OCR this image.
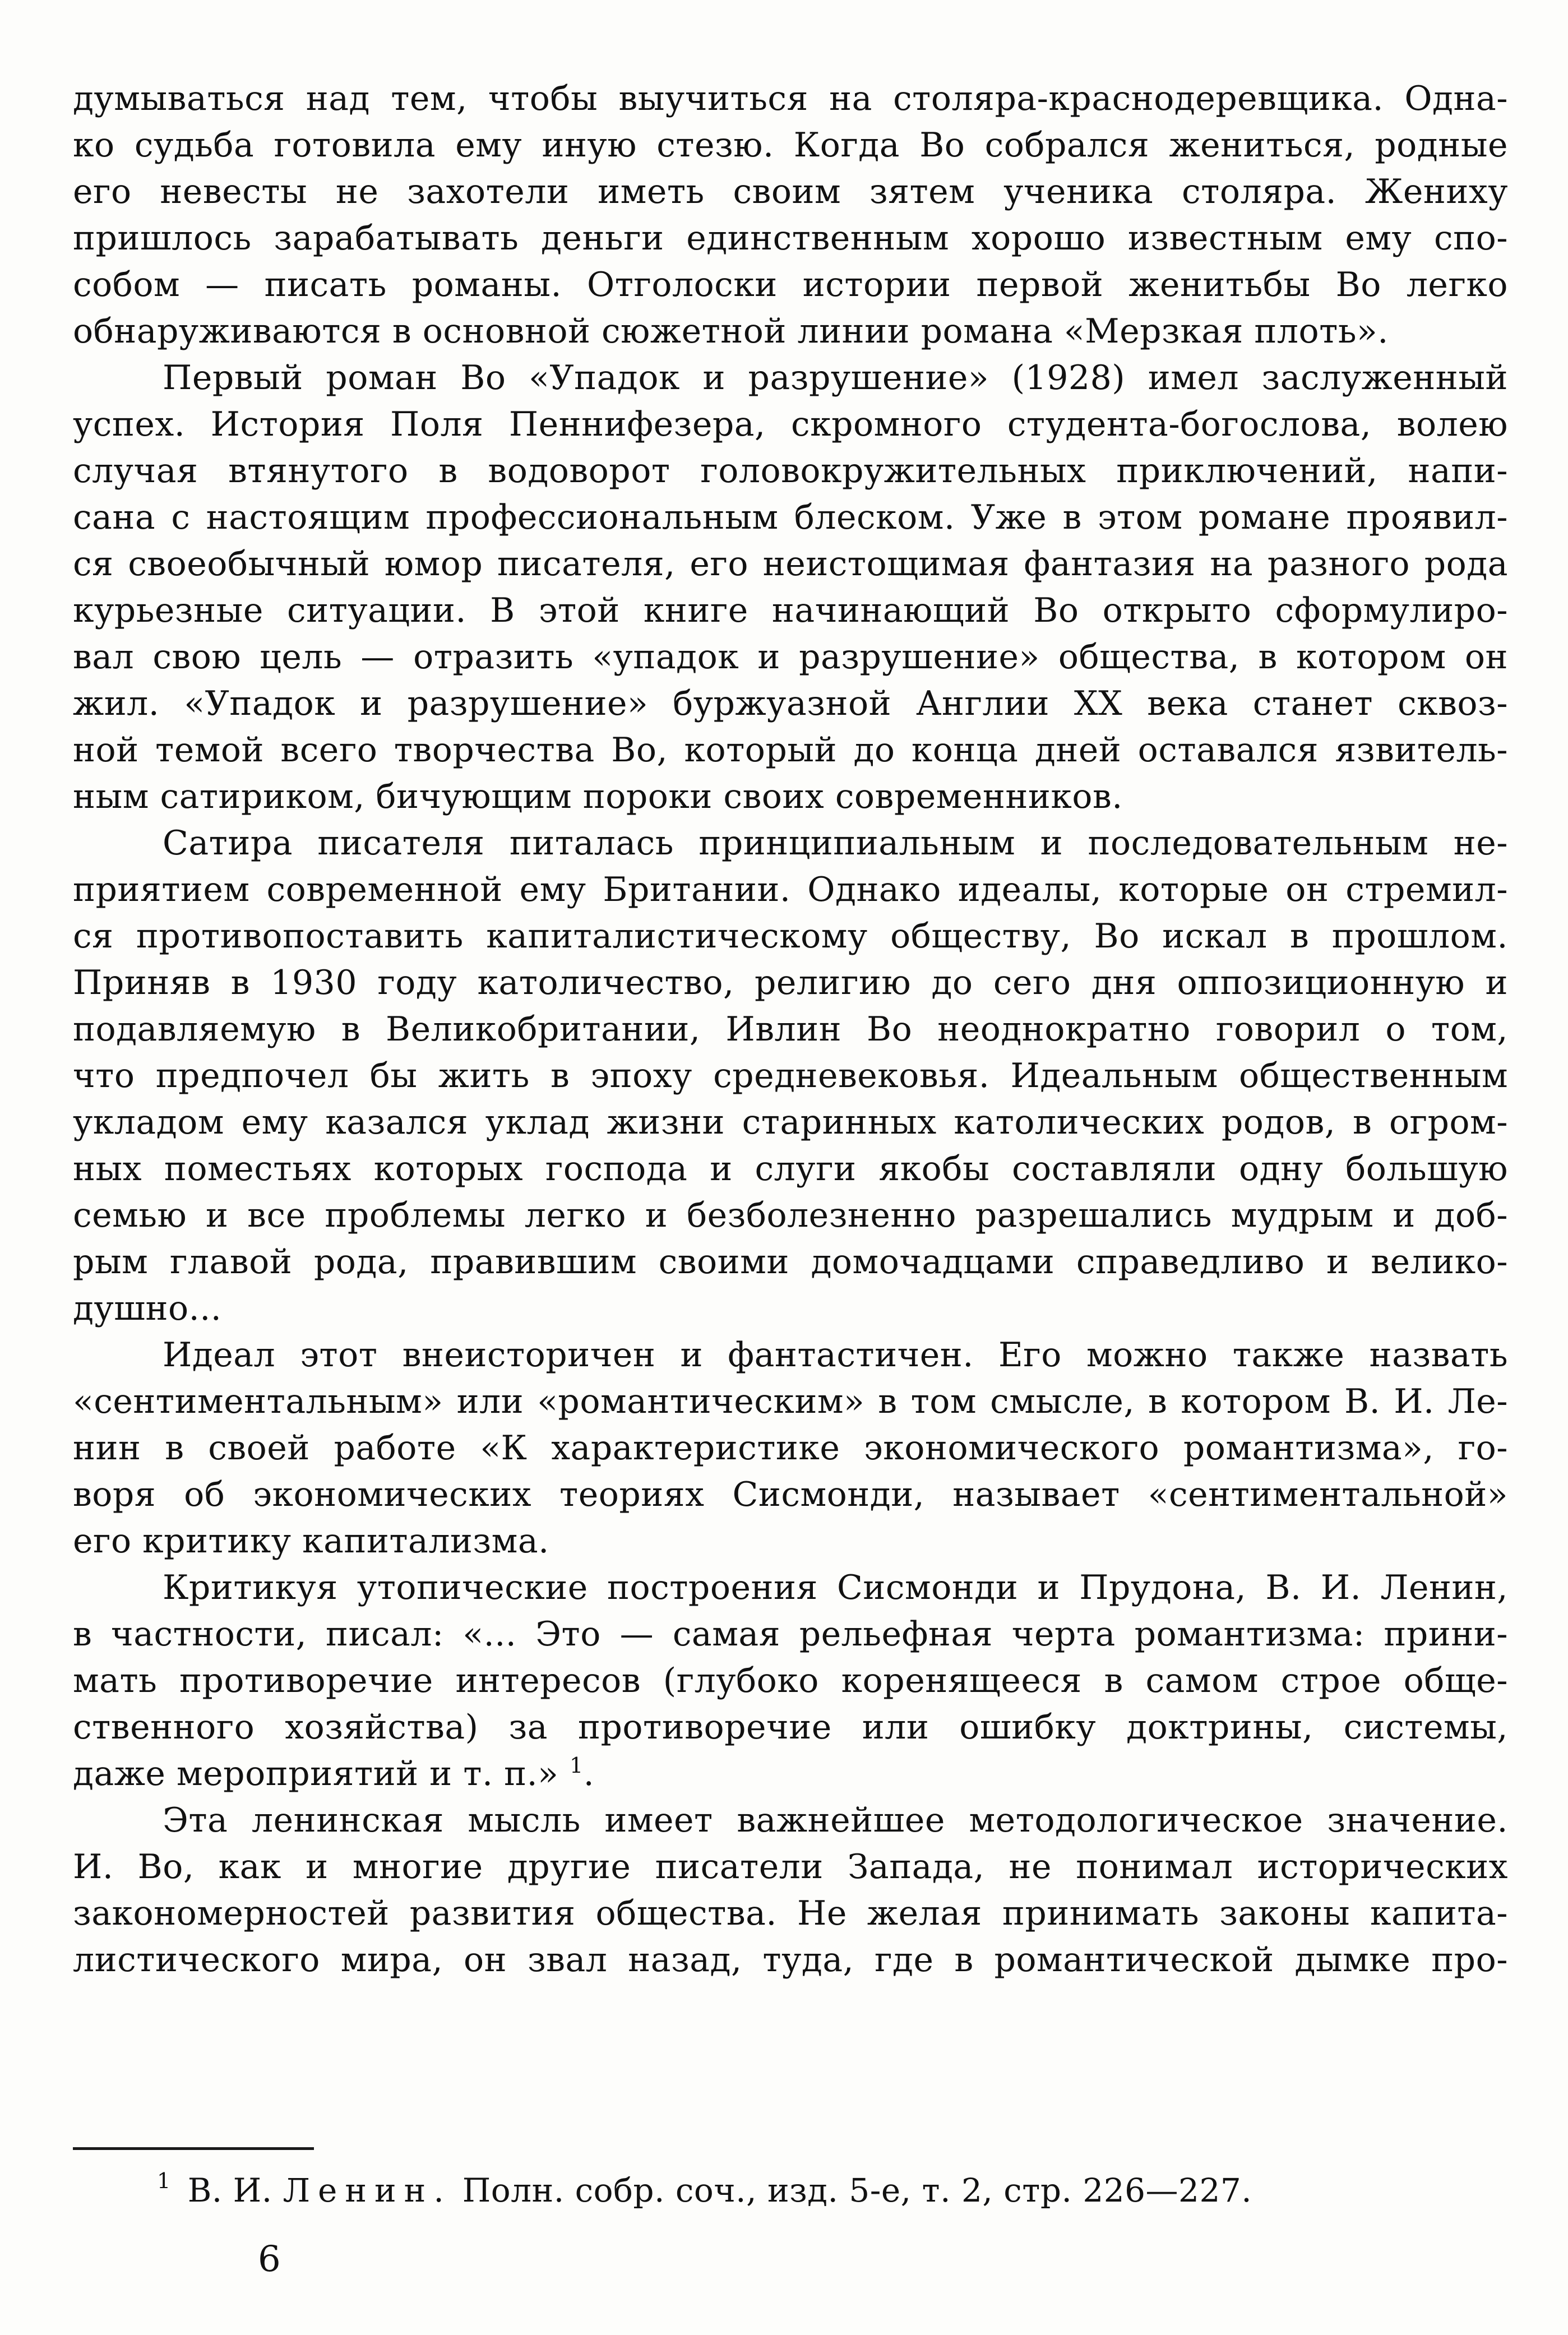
думываться над тем, чтобы выучиться на столяра-краснодеревщика. Одна-
ко судьба готовила ему иную стезю. Когда Во собрался жениться, родные
его невесты не захотели иметь своим зятем ученика столяра. Жениху
пришлось зарабатывать деньги единственным хорошо известным ему спо-
собом — писать романы. Отголоски истории первой женитьбы Во легко
обнаруживаются в основной сюжетной линии романа «Мерзкая плоть».
Первый роман Во «Упадок и разрушение» (1928) имел заслуженный
успех. История Поля Пеннифезера, скромного студента-богослова, волею
случая втянутого в водоворот головокружительных приключений, напи-
сана с настоящим профессиональным блеском. Уже в этом романе проявил-
ся своеобычный юмор писателя, его неистощимая фантазия на разного рода
курьезные ситуации. В этой книге начинающий Во открыто сформулиро-
вал свою цель — отразить «упадок и разрушение» общества, в котором он
жил. «Упадок и разрушение» буржуазной Англии XX века станет сквоз-
ной темой всего творчества Во, который до конца дней оставался язвитель-
ным сатириком, бичующим пороки своих современников.
Сатира писателя питалась принципиальным и последовательным не-
приятием современной ему Британии. Однако идеалы, которые он стремил-
ся противопоставить капиталистическому обществу, Во искал в прошлом.
Приняв в 1930 году католичество, религию до сего дня оппозиционную и
подавляемую в Великобритании, Ивлин Во неоднократно говорил о том,
что предпочел бы жить в эпоху средневековья. Идеальным общественным
укладом ему казался уклад жизни старинных католических родов, в огром-
ных поместьях которых господа и слуги якобы составляли одну большую
семью и все проблемы легко и безболезненно разрешались мудрым и доб-
рым главой рода, правившим своими домочадцами справедливо и велико-
душно...
Идеал этот внеисторичен и фантастичен. Его можно также назвать
«сентиментальным» или «романтическим» в том смысле, в котором В. И. Ле-
нин в своей работе «К характеристике экономического романтизма», го-
воря об экономических теориях Сисмонди, называет «сентиментальной»
его критику капитализма.
Критикуя утопические построения Сисмонди и Прудона, В. И. Ленин,
в частности, писал: «... Это — самая рельефная черта романтизма: прини-
мать противоречие интересов (глубоко коренящееся в самом строе обще-
ственного хозяйства) за противоречие или ошибку доктрины, системы,
даже мероприятий и т. п.» $^1$.
Эта ленинская мысль имеет важнейшее методологическое значение.
И. Во, как и многие другие писатели Запада, не понимал исторических
закономерностей развития общества. Не желая принимать законы капита-
листического мира, он звал назад, туда, где в романтической дымке про-
$^1$ В. И. Ленин. Полн. собр. соч., изд. 5-е, т. 2, стр. 226—227.
6
